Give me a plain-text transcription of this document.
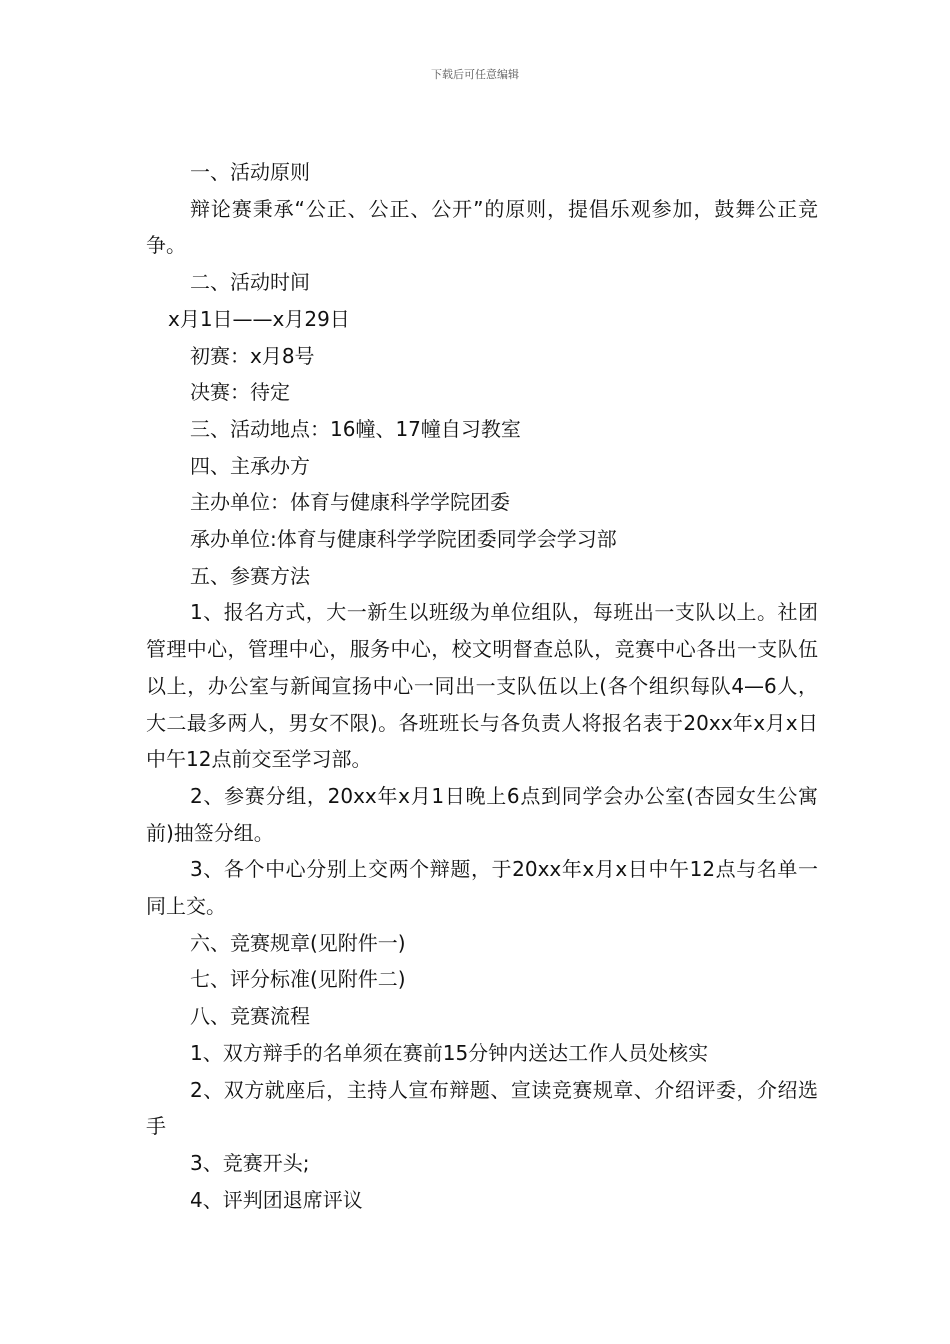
下载后可任意编辑

一、活动原则

辩论赛秉承“公正、公正、公开”的原则，提倡乐观参加，鼓舞公正竞争。

二、活动时间

x月1日——x月29日

初赛：x月8号

决赛：待定

三、活动地点：16幢、17幢自习教室

四、主承办方

主办单位：体育与健康科学学院团委

承办单位:体育与健康科学学院团委同学会学习部

五、参赛方法

1、报名方式，大一新生以班级为单位组队，每班出一支队以上。社团管理中心，管理中心，服务中心，校文明督查总队，竞赛中心各出一支队伍以上，办公室与新闻宣扬中心一同出一支队伍以上(各个组织每队4—6人，大二最多两人，男女不限)。各班班长与各负责人将报名表于20xx年x月x日中午12点前交至学习部。

2、参赛分组，20xx年x月1日晚上6点到同学会办公室(杏园女生公寓前)抽签分组。

3、各个中心分别上交两个辩题，于20xx年x月x日中午12点与名单一同上交。

六、竞赛规章(见附件一)

七、评分标准(见附件二)

八、竞赛流程

1、双方辩手的名单须在赛前15分钟内送达工作人员处核实

2、双方就座后，主持人宣布辩题、宣读竞赛规章、介绍评委，介绍选手

3、竞赛开头;

4、评判团退席评议
